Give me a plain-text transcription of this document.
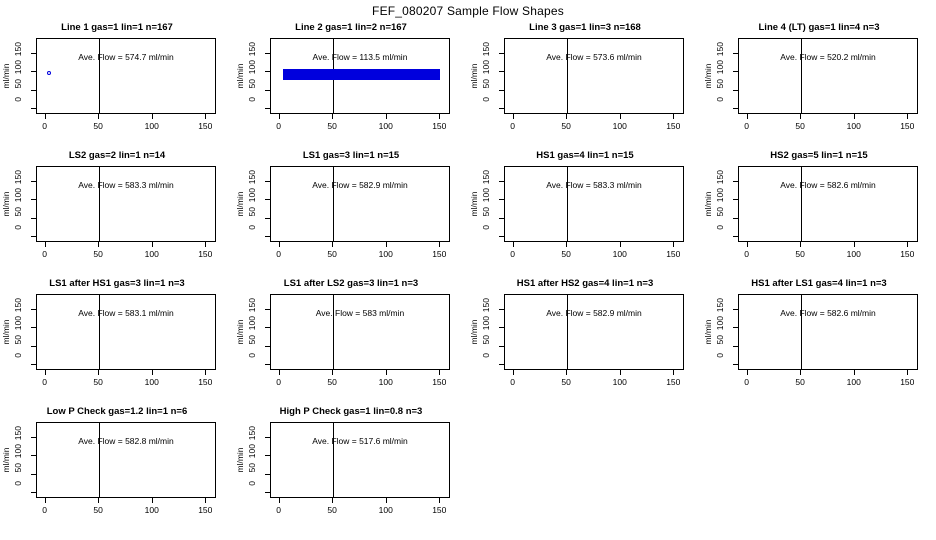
FEF_080207 Sample Flow Shapes
Line 1 gas=1 lin=1 n=167
ml/min
0
50
100
150
0	50	100	150
Ave. Flow = 574.7 ml/min
Line 2 gas=1 lin=2 n=167
ml/min
0
50
100
150
0	50	100	150
Ave. Flow = 113.5 ml/min
Line 3 gas=1 lin=3 n=168
ml/min
0
50
100
150
0	50	100	150
Ave. Flow = 573.6 ml/min
Line 4 (LT) gas=1 lin=4 n=3
ml/min
0
50
100
150
0	50	100	150
Ave. Flow = 520.2 ml/min
LS2 gas=2 lin=1 n=14
ml/min
0
50
100
150
0	50	100	150
Ave. Flow = 583.3 ml/min
LS1 gas=3 lin=1 n=15
ml/min
0
50
100
150
0	50	100	150
Ave. Flow = 582.9 ml/min
HS1 gas=4 lin=1 n=15
ml/min
0
50
100
150
0	50	100	150
Ave. Flow = 583.3 ml/min
HS2 gas=5 lin=1 n=15
ml/min
0
50
100
150
0	50	100	150
Ave. Flow = 582.6 ml/min
LS1 after HS1 gas=3 lin=1 n=3
ml/min
0
50
100
150
0	50	100	150
Ave. Flow = 583.1 ml/min
LS1 after LS2 gas=3 lin=1 n=3
ml/min
0
50
100
150
0	50	100	150
Ave. Flow = 583 ml/min
HS1 after HS2 gas=4 lin=1 n=3
ml/min
0
50
100
150
0	50	100	150
Ave. Flow = 582.9 ml/min
HS1 after LS1 gas=4 lin=1 n=3
ml/min
0
50
100
150
0	50	100	150
Ave. Flow = 582.6 ml/min
Low P Check gas=1.2 lin=1 n=6
ml/min
0
50
100
150
0	50	100	150
Ave. Flow = 582.8 ml/min
High P Check gas=1 lin=0.8 n=3
ml/min
0
50
100
150
0	50	100	150
Ave. Flow = 517.6 ml/min
